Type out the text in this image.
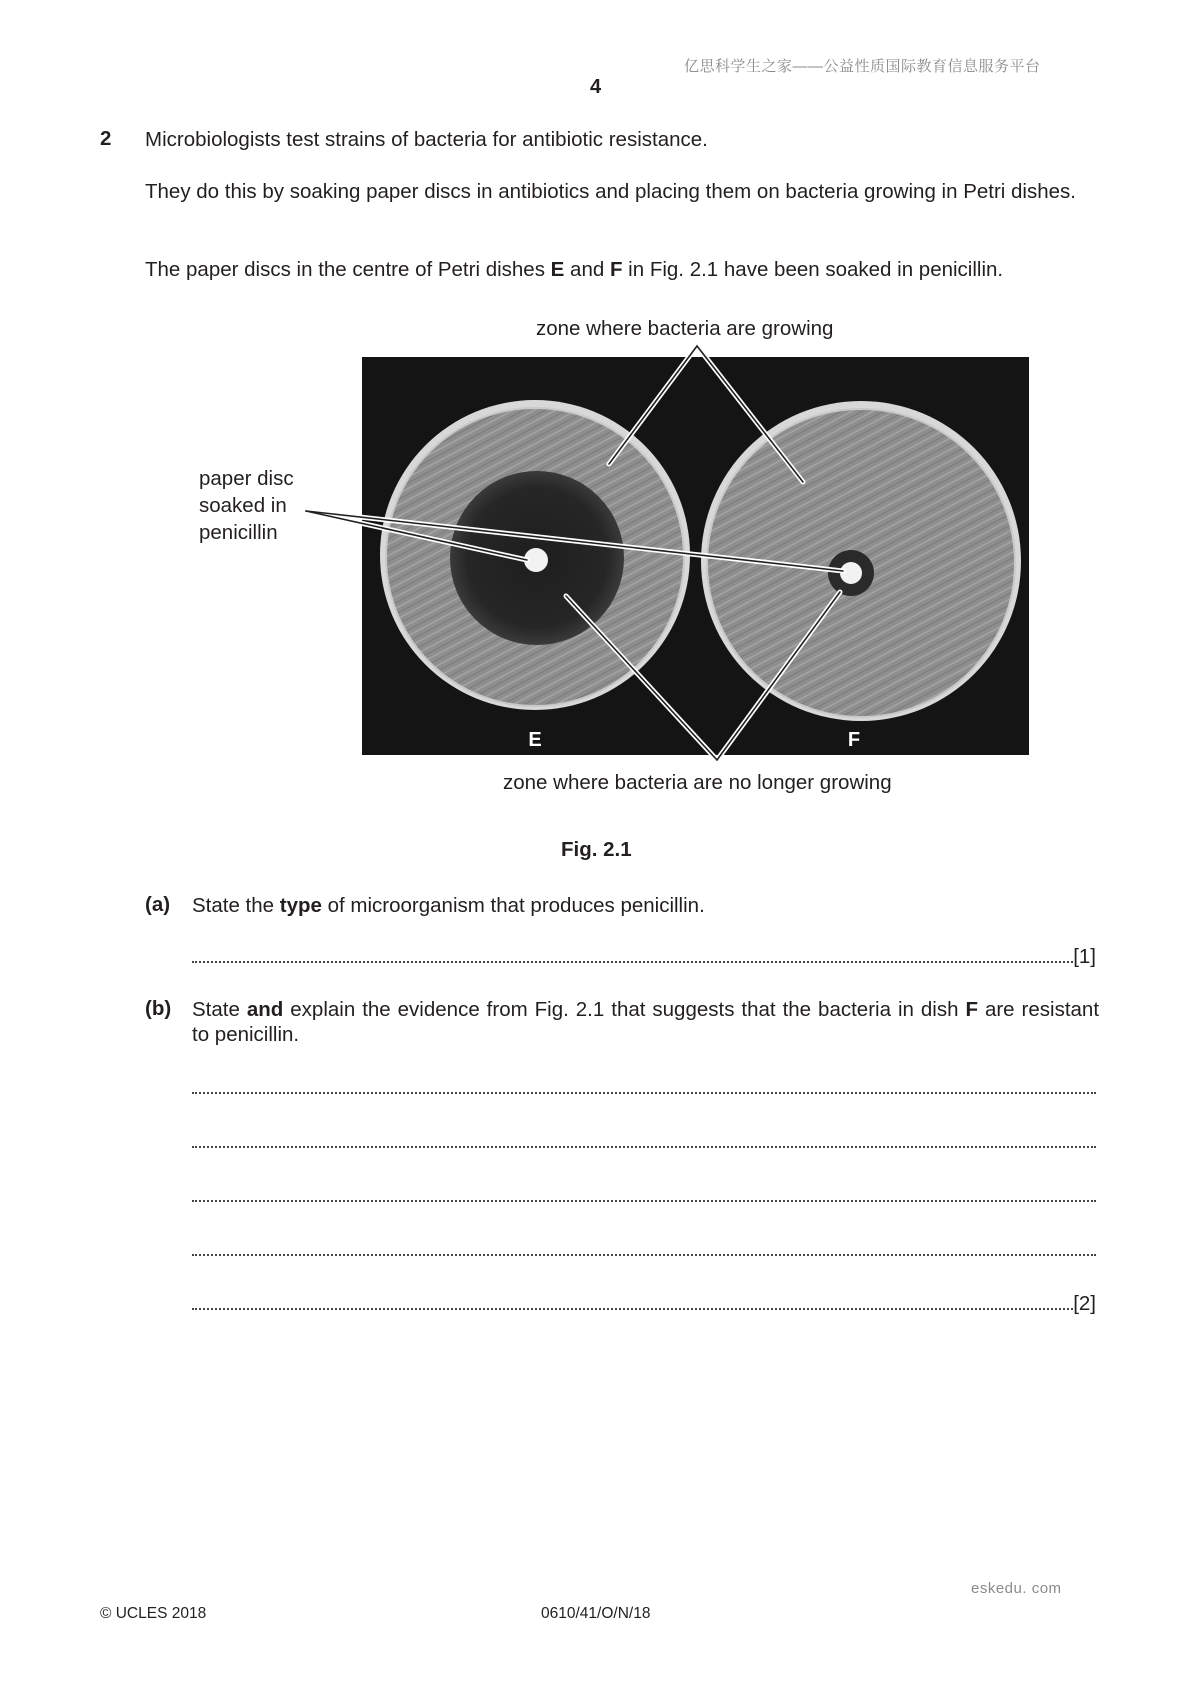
亿思科学生之家——公益性质国际教育信息服务平台
4
2 Microbiologists test strains of bacteria for antibiotic resistance.
They do this by soaking paper discs in antibiotics and placing them on bacteria growing in Petri dishes.
The paper discs in the centre of Petri dishes E and F in Fig. 2.1 have been soaked in penicillin.
zone where bacteria are growing
paper disc
soaked in
penicillin
E	F
zone where bacteria are no longer growing
Fig. 2.1
(a) State the type of microorganism that produces penicillin.
[1]
(b) State and explain the evidence from Fig. 2.1 that suggests that the bacteria in dish F are resistant to penicillin.
[2]
eskedu. com
© UCLES 2018	0610/41/O/N/18
